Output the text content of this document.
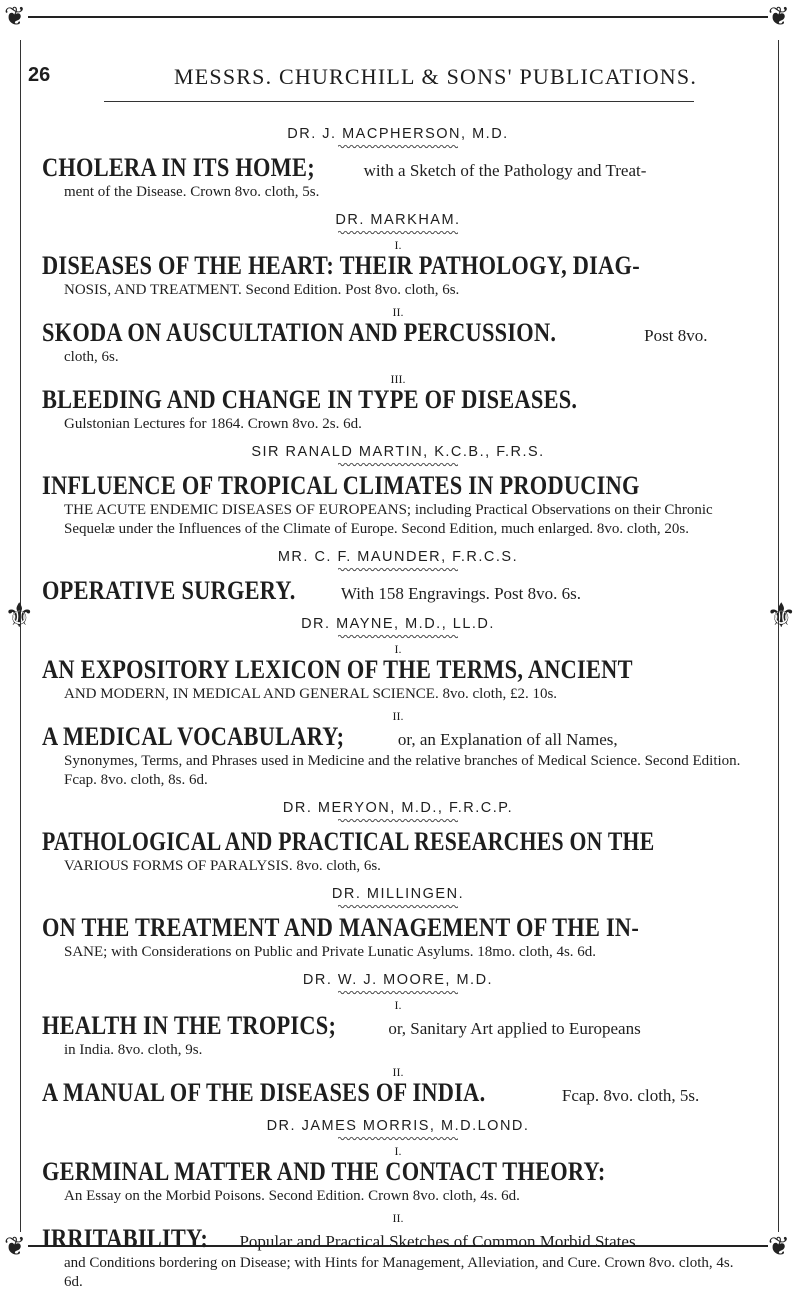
❦	❦
❦	❦
⚜	⚜
26	MESSRS. CHURCHILL & SONS' PUBLICATIONS.
DR. J. MACPHERSON, M.D.
CHOLERA IN ITS HOME;	with a Sketch of the Pathology and Treat-
ment of the Disease. Crown 8vo. cloth, 5s.
DR. MARKHAM.
I.
DISEASES OF THE HEART: THEIR PATHOLOGY, DIAG-
NOSIS, AND TREATMENT. Second Edition. Post 8vo. cloth, 6s.
II.
SKODA ON AUSCULTATION AND PERCUSSION.	Post 8vo.
cloth, 6s.
III.
BLEEDING AND CHANGE IN TYPE OF DISEASES.
Gulstonian Lectures for 1864. Crown 8vo. 2s. 6d.
SIR RANALD MARTIN, K.C.B., F.R.S.
INFLUENCE OF TROPICAL CLIMATES IN PRODUCING
THE ACUTE ENDEMIC DISEASES OF EUROPEANS; including Practical Observations on their Chronic Sequelæ under the Influences of the Climate of Europe. Second Edition, much enlarged. 8vo. cloth, 20s.
MR. C. F. MAUNDER, F.R.C.S.
OPERATIVE SURGERY. With 158 Engravings. Post 8vo. 6s.
DR. MAYNE, M.D., LL.D.
I.
AN EXPOSITORY LEXICON OF THE TERMS, ANCIENT
AND MODERN, IN MEDICAL AND GENERAL SCIENCE. 8vo. cloth, £2. 10s.
II.
A MEDICAL VOCABULARY;	or, an Explanation of all Names,
Synonymes, Terms, and Phrases used in Medicine and the relative branches of Medical Science. Second Edition. Fcap. 8vo. cloth, 8s. 6d.
DR. MERYON, M.D., F.R.C.P.
PATHOLOGICAL AND PRACTICAL RESEARCHES ON THE
VARIOUS FORMS OF PARALYSIS. 8vo. cloth, 6s.
DR. MILLINGEN.
ON THE TREATMENT AND MANAGEMENT OF THE IN-
SANE; with Considerations on Public and Private Lunatic Asylums. 18mo. cloth, 4s. 6d.
DR. W. J. MOORE, M.D.
I.
HEALTH IN THE TROPICS;	or, Sanitary Art applied to Europeans
in India. 8vo. cloth, 9s.
II.
A MANUAL OF THE DISEASES OF INDIA.	Fcap. 8vo. cloth, 5s.
DR. JAMES MORRIS, M.D.LOND.
I.
GERMINAL MATTER AND THE CONTACT THEORY:
An Essay on the Morbid Poisons. Second Edition. Crown 8vo. cloth, 4s. 6d.
II.
IRRITABILITY: Popular and Practical Sketches of Common Morbid States
and Conditions bordering on Disease; with Hints for Management, Alleviation, and Cure. Crown 8vo. cloth, 4s. 6d.
